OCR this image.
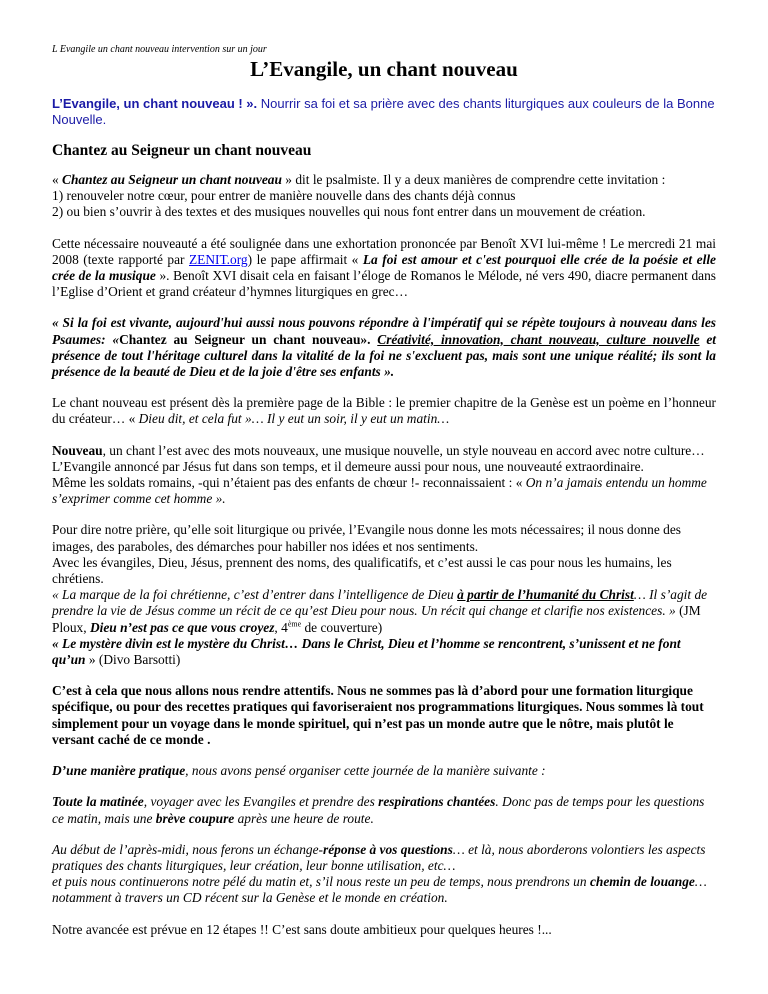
L Evangile un chant nouveau intervention sur un jour
L’Evangile, un chant nouveau
L’Evangile, un chant nouveau ! ». Nourrir sa foi et sa prière avec des chants liturgiques aux couleurs de la Bonne Nouvelle.
Chantez au Seigneur un chant nouveau

« Chantez au Seigneur un chant nouveau » dit le psalmiste. Il y a deux manières de comprendre cette invitation :
1) renouveler notre cœur, pour entrer de manière nouvelle dans des chants déjà connus
2) ou bien s’ouvrir à des textes et des musiques nouvelles qui nous font entrer dans un mouvement de création.

Cette nécessaire nouveauté a été soulignée dans une exhortation prononcée par Benoît XVI lui-même ! Le mercredi 21 mai 2008 (texte rapporté par ZENIT.org) le pape affirmait « La foi est amour et c'est pourquoi elle crée de la poésie et elle crée de la musique ». Benoît XVI disait cela en faisant l’éloge de Romanos le Mélode, né vers 490, diacre permanent dans l’Eglise d’Orient et grand créateur d’hymnes liturgiques en grec…

« Si la foi est vivante, aujourd'hui aussi nous pouvons répondre à l'impératif qui se répète toujours à nouveau dans les Psaumes: «Chantez au Seigneur un chant nouveau». Créativité, innovation, chant nouveau, culture nouvelle et présence de tout l'héritage culturel dans la vitalité de la foi ne s'excluent pas, mais sont une unique réalité; ils sont la présence de la beauté de Dieu et de la joie d'être ses enfants ».

Le chant nouveau est présent dès la première page de la Bible : le premier chapitre de la Genèse est un poème en l’honneur du créateur… « Dieu dit, et cela fut »… Il y eut un soir, il y eut un matin…

Nouveau, un chant l’est avec des mots nouveaux, une musique nouvelle, un style nouveau en accord avec notre culture…
L’Evangile annoncé par Jésus fut dans son temps, et il demeure aussi pour nous, une nouveauté extraordinaire.
Même les soldats romains, -qui n’étaient pas des enfants de chœur !- reconnaissaient : « On n’a jamais entendu un homme s’exprimer comme cet homme ».

Pour dire notre prière, qu’elle soit liturgique ou privée, l’Evangile nous donne les mots nécessaires; il nous donne des images, des paraboles, des démarches pour habiller nos idées et nos sentiments.
Avec les évangiles, Dieu, Jésus, prennent des noms, des qualificatifs, et c’est aussi le cas pour nous les humains, les chrétiens.
« La marque de la foi chrétienne, c’est d’entrer dans l’intelligence de Dieu à partir de l’humanité du Christ… Il s’agit de prendre la vie de Jésus comme un récit de ce qu’est Dieu pour nous. Un récit qui change et clarifie nos existences. » (JM Ploux, Dieu n’est pas ce que vous croyez, 4ème de couverture)
« Le mystère divin est le mystère du Christ… Dans le Christ, Dieu et l’homme se rencontrent, s’unissent et ne font qu’un » (Divo Barsotti)

C’est à cela que nous allons nous rendre attentifs. Nous ne sommes pas là d’abord pour une formation liturgique spécifique, ou pour des recettes pratiques qui favoriseraient nos programmations liturgiques. Nous sommes là tout simplement pour un voyage dans le monde spirituel, qui n’est pas un monde autre que le nôtre, mais plutôt le versant caché de ce monde .

D’une manière pratique, nous avons pensé organiser cette journée de la manière suivante :

Toute la matinée, voyager avec les Evangiles et prendre des respirations chantées. Donc pas de temps pour les questions ce matin, mais une brève coupure après une heure de route.

Au début de l’après-midi, nous ferons un échange-réponse à vos questions… et là, nous aborderons volontiers les aspects pratiques des chants liturgiques, leur création, leur bonne utilisation, etc…
et puis nous continuerons notre pélé du matin et, s’il nous reste un peu de temps, nous prendrons un chemin de louange…notamment à travers un CD récent sur la Genèse et le monde en création.

Notre avancée est prévue en 12 étapes !! C’est sans doute ambitieux pour quelques heures !...
